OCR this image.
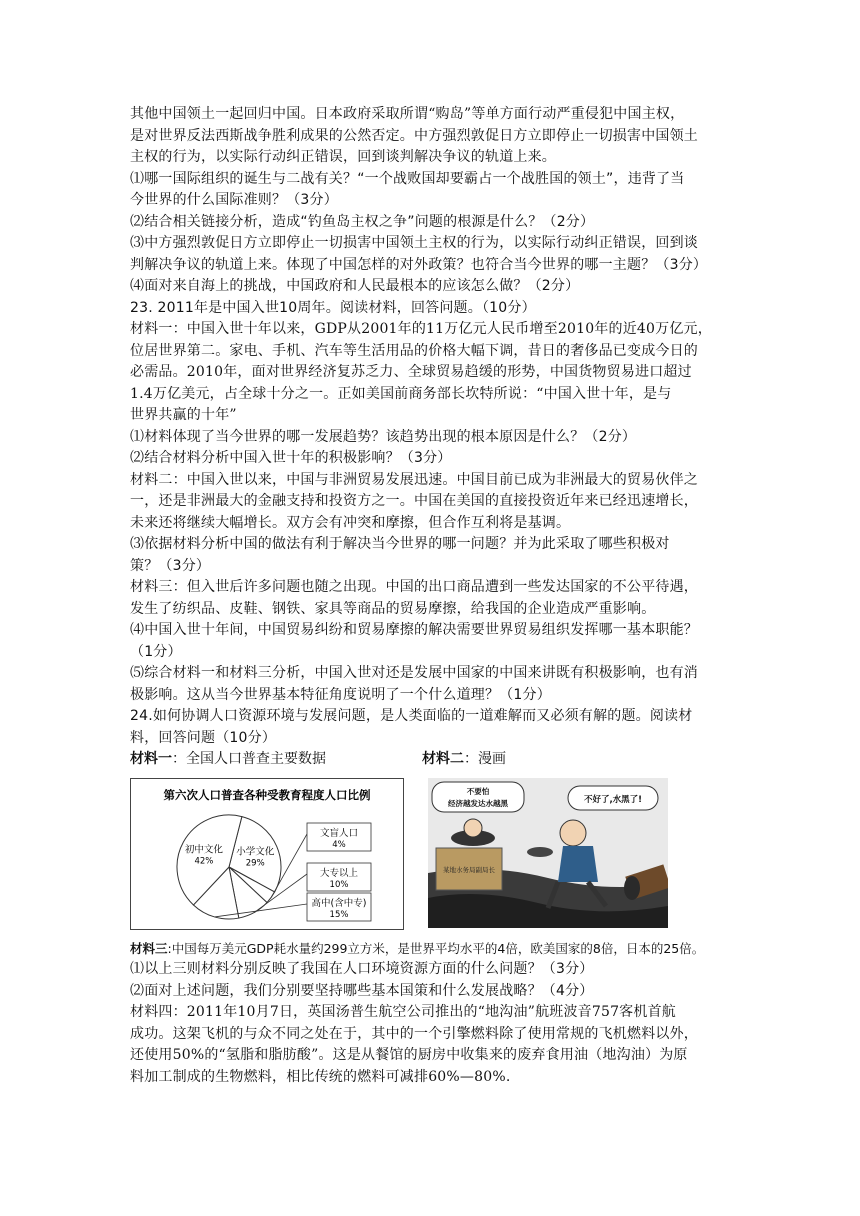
其他中国领土一起回归中国。日本政府采取所谓“购岛”等单方面行动严重侵犯中国主权，
是对世界反法西斯战争胜利成果的公然否定。中方强烈敦促日方立即停止一切损害中国领土
主权的行为，以实际行动纠正错误，回到谈判解决争议的轨道上来。
⑴哪一国际组织的诞生与二战有关？“一个战败国却要霸占一个战胜国的领土”，违背了当
今世界的什么国际准则？（3分）
⑵结合相关链接分析，造成“钓鱼岛主权之争”问题的根源是什么？（2分）
⑶中方强烈敦促日方立即停止一切损害中国领土主权的行为，以实际行动纠正错误，回到谈
判解决争议的轨道上来。体现了中国怎样的对外政策？也符合当今世界的哪一主题？（3分）
⑷面对来自海上的挑战，中国政府和人民最根本的应该怎么做？（2分）
23. 2011年是中国入世10周年。阅读材料，回答问题。（10分）
材料一：中国入世十年以来，GDP从2001年的11万亿元人民币增至2010年的近40万亿元，
位居世界第二。家电、手机、汽车等生活用品的价格大幅下调，昔日的奢侈品已变成今日的
必需品。2010年，面对世界经济复苏乏力、全球贸易趋缓的形势，中国货物贸易进口超过
1.4万亿美元，占全球十分之一。正如美国前商务部长坎特所说：“中国入世十年，是与
世界共赢的十年”
⑴材料体现了当今世界的哪一发展趋势？该趋势出现的根本原因是什么？（2分）
⑵结合材料分析中国入世十年的积极影响？（3分）
材料二：中国入世以来，中国与非洲贸易发展迅速。中国目前已成为非洲最大的贸易伙伴之
一，还是非洲最大的金融支持和投资方之一。中国在美国的直接投资近年来已经迅速增长，
未来还将继续大幅增长。双方会有冲突和摩擦，但合作互利将是基调。
⑶依据材料分析中国的做法有利于解决当今世界的哪一问题？并为此采取了哪些积极对
策？（3分）
材料三：但入世后许多问题也随之出现。中国的出口商品遭到一些发达国家的不公平待遇，
发生了纺织品、皮鞋、钢铁、家具等商品的贸易摩擦，给我国的企业造成严重影响。
⑷中国入世十年间，中国贸易纠纷和贸易摩擦的解决需要世界贸易组织发挥哪一基本职能？
（1分）
⑸综合材料一和材料三分析，中国入世对还是发展中国家的中国来讲既有积极影响，也有消
极影响。这从当今世界基本特征角度说明了一个什么道理？（1分）
24.如何协调人口资源环境与发展问题，是人类面临的一道难解而又必须有解的题。阅读材
料，回答问题（10分）
材料一：全国人口普查主要数据	材料二：漫画
第六次人口普查各种受教育程度人口比例
小学文化
29%
文盲人口
4%
大专以上
10%
高中(含中专)
15%
初中文化
42%
某地水务局副局长
不要怕
经济越发达水越黑	不好了,水黑了!
材料三:中国每万美元GDP耗水量约299立方米，是世界平均水平的4倍，欧美国家的8倍，日本的25倍。
⑴以上三则材料分别反映了我国在人口环境资源方面的什么问题？（3分）
⑵面对上述问题，我们分别要坚持哪些基本国策和什么发展战略？（4分）
材料四：2011年10月7日，英国汤普生航空公司推出的“地沟油”航班波音757客机首航
成功。这架飞机的与众不同之处在于，其中的一个引擎燃料除了使用常规的飞机燃料以外，
还使用50%的“氢脂和脂肪酸”。这是从餐馆的厨房中收集来的废弃食用油（地沟油）为原
料加工制成的生物燃料，相比传统的燃料可减排60%—80%.
